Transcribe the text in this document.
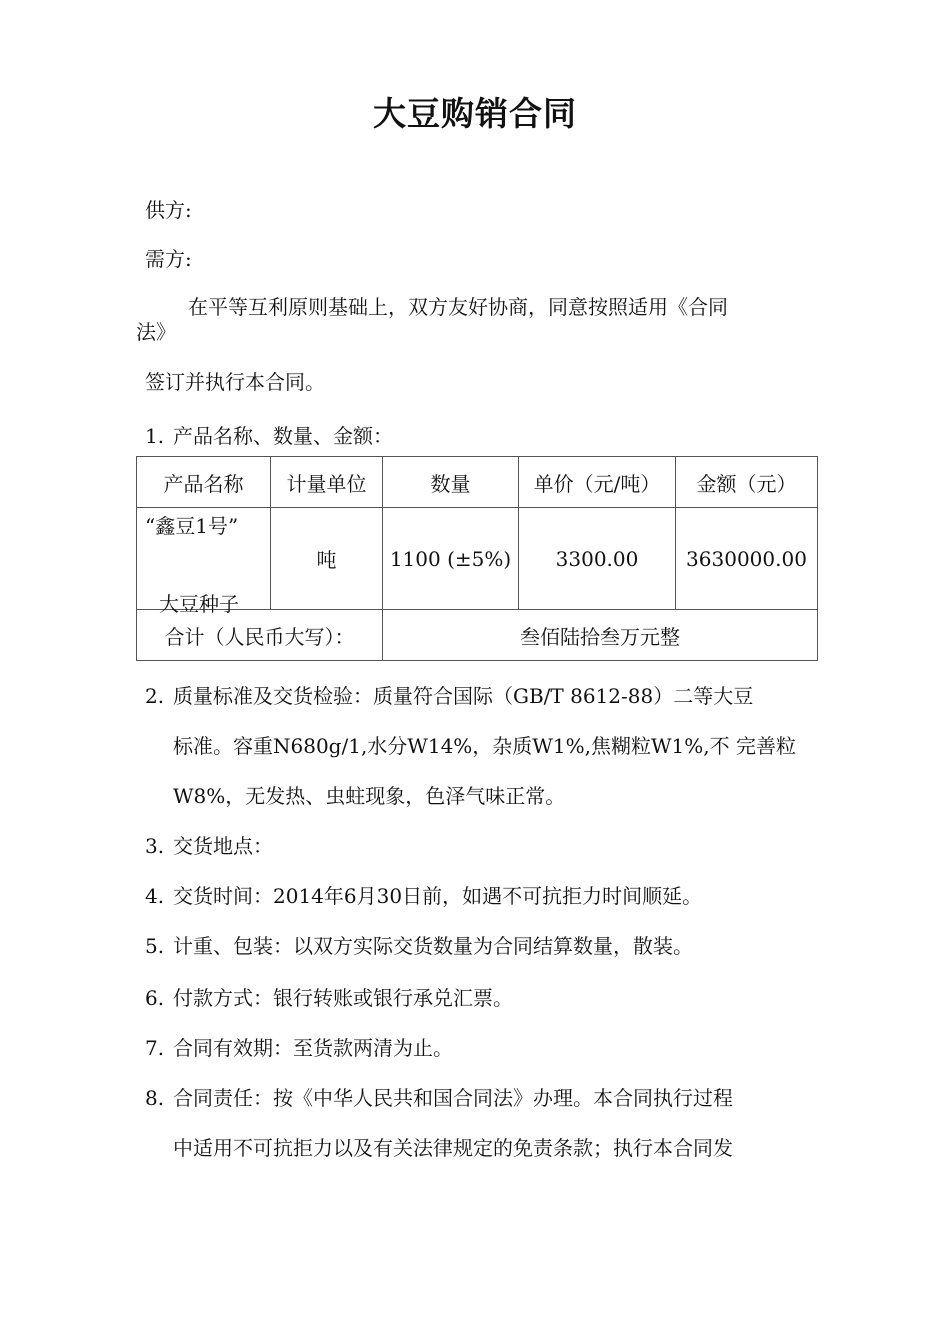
大豆购销合同
供方:
需方:
在平等互利原则基础上，双方友好协商，同意按照适用《合同
法》
签订并执行本合同。
1. 产品名称、数量、金额：
产品名称	计量单位	数量	单价（元/吨）	金额（元）

“鑫豆1号”
大豆种子	吨	1100 (±5%)	3300.00	3630000.00
合计（人民币大写）：		叁佰陆拾叁万元整		
2. 质量标准及交货检验：质量符合国际（GB/T 8612-88）二等大豆
标准。容重N680g/1,水分W14%，杂质W1%,焦糊粒W1%,不 完善粒
W8%，无发热、虫蛀现象，色泽气味正常。
3. 交货地点：
4. 交货时间：2014年6月30日前，如遇不可抗拒力时间顺延。
5. 计重、包装：以双方实际交货数量为合同结算数量，散装。
6. 付款方式：银行转账或银行承兑汇票。
7. 合同有效期：至货款两清为止。
8. 合同责任：按《中华人民共和国合同法》办理。本合同执行过程
中适用不可抗拒力以及有关法律规定的免责条款；执行本合同发
